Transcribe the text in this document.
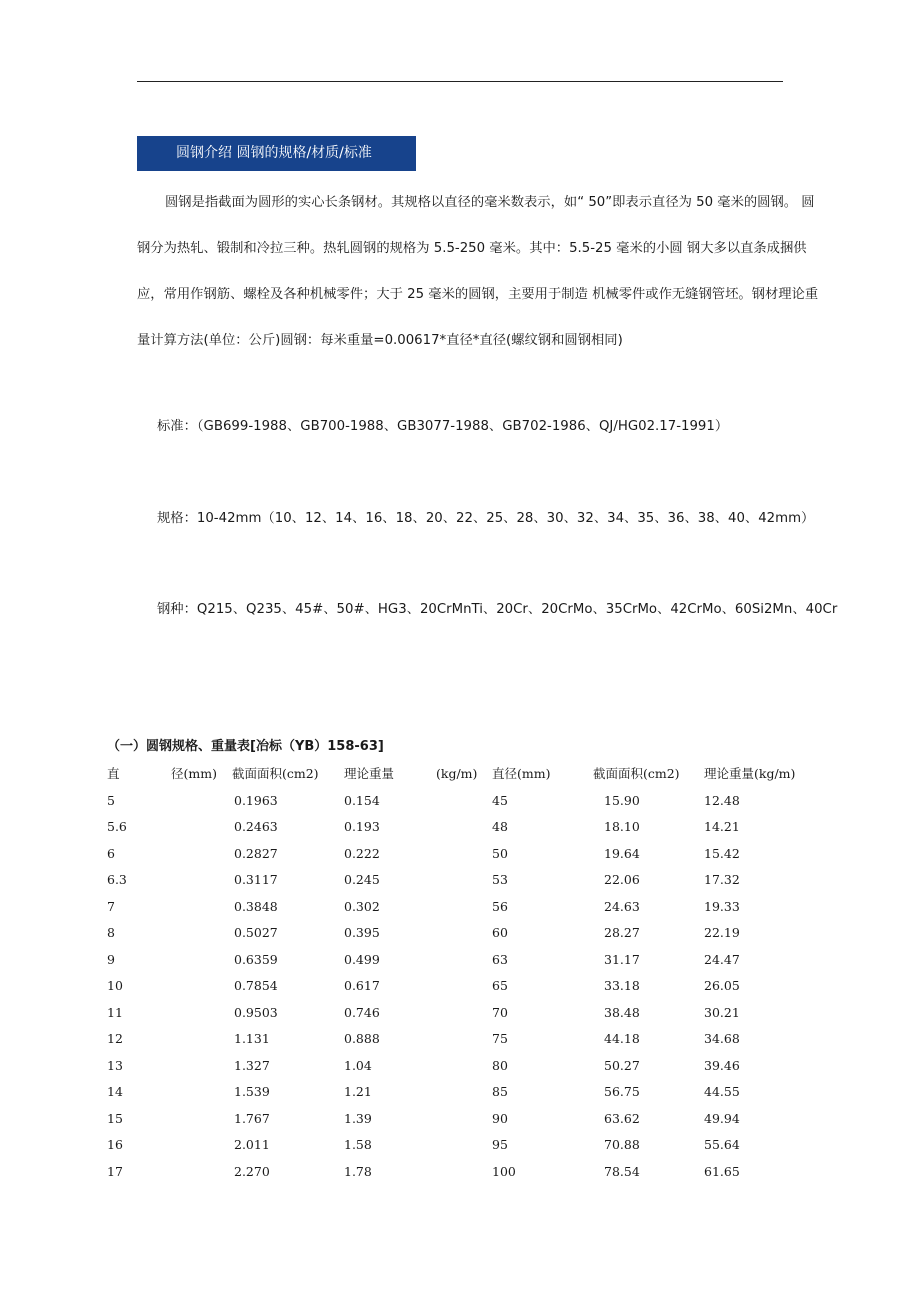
圆钢介绍 圆钢的规格/材质/标准

圆钢是指截面为圆形的实心长条钢材。其规格以直径的毫米数表示，如“ 50”即表示直径为 50 毫米的圆钢。 圆钢分为热轧、锻制和冷拉三种。热轧圆钢的规格为 5.5-250 毫米。其中：5.5-25 毫米的小圆 钢大多以直条成捆供应，常用作钢筋、螺栓及各种机械零件；大于 25 毫米的圆钢，主要用于制造 机械零件或作无缝钢管坯。钢材理论重量计算方法(单位：公斤)圆钢：每米重量=0.00617*直径*直径(螺纹钢和圆钢相同)

标准：（GB699-1988、GB700-1988、GB3077-1988、GB702-1986、QJ/HG02.17-1991）
规格：10-42mm（10、12、14、16、18、20、22、25、28、30、32、34、35、36、38、40、42mm）
钢种：Q215、Q235、45#、50#、HG3、20CrMnTi、20Cr、20CrMo、35CrMo、42CrMo、60Si2Mn、40Cr
（一）圆钢规格、重量表[冶标（YB）158-63]
直	径(mm) 截面面积(cm2) 理论重量	(kg/m) 直径(mm)	截面面积(cm2) 理论重量(kg/m)
5	0.1963	0.154	45	15.90	12.48
5.6	0.2463	0.193	48	18.10	14.21
6	0.2827	0.222	50	19.64	15.42
6.3	0.3117	0.245	53	22.06	17.32
7	0.3848	0.302	56	24.63	19.33
8	0.5027	0.395	60	28.27	22.19
9	0.6359	0.499	63	31.17	24.47
10	0.7854	0.617	65	33.18	26.05
11	0.9503	0.746	70	38.48	30.21
12	1.131	0.888	75	44.18	34.68
13	1.327	1.04	80	50.27	39.46
14	1.539	1.21	85	56.75	44.55
15	1.767	1.39	90	63.62	49.94
16	2.011	1.58	95	70.88	55.64
17	2.270	1.78	100	78.54	61.65
